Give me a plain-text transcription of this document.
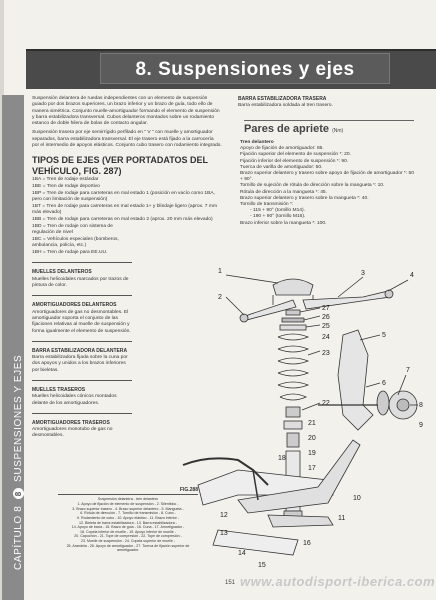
8. Suspensiones y ejes
CAPÍTULO 8 8 SUSPENSIONES Y EJES

Suspensión delantera de ruedas independientes con un elemento de suspensión guiado por dos brazos superiores, un brazo inferior y un brazo de guía, todo ello de manera simétrica. Conjunto muelle-amortiguador formando el elemento de suspensión y barra estabilizadora transversal. Cubos delanteros montados sobre un rodamiento estanco de doble hilera de bolas de contacto angular.

Suspensión trasera por eje semirrígido perfilado en " V " con muelle y amortiguador separados, barra estabilizadora transversal. El eje trasero está fijado a la carrocería por el intermedio de apoyos elásticos. Conjunto cubo trasero con rodamiento integrado.

TIPOS DE EJES (VER PORTADATOS DEL VEHÍCULO, FIG. 287)
1BA = Tren de rodaje estándar
1BE = Tren de rodaje deportivo
1BP = Tren de rodaje para carreteras en mal estado 1 (posición en vacío como 1BA, pero con limitación de suspensión)
1BT = Tren de rodaje para carreteras en mal estado 1+ y blindaje ligero (aprox. 7 mm más elevado)
1BB = Tren de rodaje para carreteras en mal estado 2 (aprox. 20 mm más elevado)
1BD = Tren de rodaje con sistema de regulación de nivel
1BC = Vehículos especiales (bomberos, ambulancia, policía, etc.)
1BH = Tren de rodaje para EE.UU.
MUELLES DELANTEROS

Muelles helicoidales marcados por trazos de pintura de color.

AMORTIGUADORES DELANTEROS

Amortiguadores de gas no desmontables. El amortiguador soporta el conjunto de las fijaciones relativas al muelle de suspensión y forma igualmente el elemento de suspensión.

BARRA ESTABILIZADORA DELANTERA

Barra estabilizadora fijada sobre la cuna por dos apoyos y unidos a los brazos inferiores por bieletas.

MUELLES TRASEROS

Muelles helicoidales cónicos montados delante de los amortiguadores.

AMORTIGUADORES TRASEROS

Amortiguadores monotubo de gas no desmontables.

BARRA ESTABILIZADORA TRASERA

Barra estabilizadora soldada al tren trasero.

Pares de apriete (Nm)
Tren delantero
Apoyo de fijación de amortiguador: 85.
Fijación superior del elemento de suspensión *: 20.
Fijación inferior del elemento de suspensión *: 90.
Tuerca de varilla de amortiguador: 50.
Brazo superior delantero y trasero sobre apoyo de fijación de amortiguador *: 50 + 90°.
Tornillo de sujeción de rótula de dirección sobre la mangueta *: 10.
Rótula de dirección a la mangueta *: 45.
Brazo superior delantero y trasero sobre la mangueta *: 40.
Tornillo de transmisión *:
- 115 + 90° (tornillo M14).
- 190 + 90° (tornillo M16).
Brazo inferior sobre la mangueta *: 100.
1
2
3	4
27
26
25
24	5
23
22
6
7
8
9
21
20
19
18
17
10
11
12
13
14
15
16
FIG.288
Suspensión delantera - tren delantero
1. Apoyo de fijación de elemento de suspensión - 2. Silentbloc -
3. Brazo superior trasero - 4. Brazo superior delantero - 5. Mangueta -
6. Rótula de dirección - 7. Tornillo de transmisión - 8. Cubo -
9. Rodamiento de cubo - 10. Apoyo elástico - 11. Brazo inferior -
12. Bieleta de barra estabilizadora - 13. Barra estabilizadora -
14. Apoyo de barra - 15. Brazo de guía - 16. Cuna - 17. Amortiguador -
18. Copela inferior de muelle - 19. Apoyo inferior de muelle -
20. Capuchón - 21. Tope de compresión - 22. Tope de compresión -
23. Muelle de suspensión - 24. Copela superior de muelle -
25. Arandela - 26. Apoyo de amortiguador - 27. Tuerca de fijación superior de amortiguador.
www.autodisport-iberica.com
151
